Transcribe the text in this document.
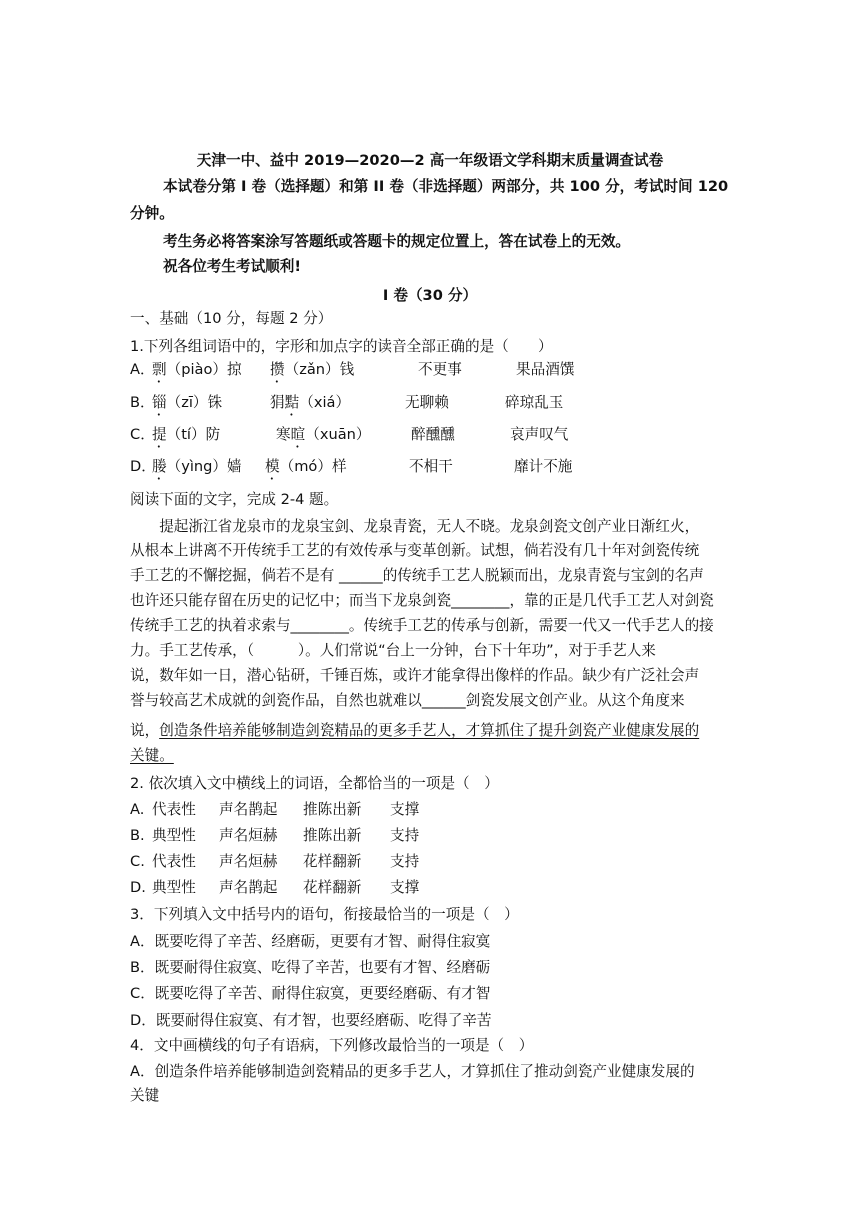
天津一中、益中 2019—2020—2 高一年级语文学科期末质量调查试卷
本试卷分第 I 卷（选择题）和第 II 卷（非选择题）两部分，共 100 分，考试时间 120
分钟。
考生务必将答案涂写答题纸或答题卡的规定位置上，答在试卷上的无效。
祝各位考生考试顺利!
I 卷（30 分）
一、基础（10 分，每题 2 分）
1.下列各组词语中的，字形和加点字的读音全部正确的是（　　）
A．
剽（piào）掠 攒（zǎn）钱	不更事	果品酒馔
B．
锱（zī）铢	狷黠（xiá）	无聊赖	碎琼乱玉
C．
提（tí）防	寒暄（xuān）	醉醺醺	哀声叹气
D．
媵（yìng）嫱 模（mó）样	不相干	靡计不施
阅读下面的文字，完成 2-4 题。
　　提起浙江省龙泉市的龙泉宝剑、龙泉青瓷，无人不晓。龙泉剑瓷文创产业日渐红火，
从根本上讲离不开传统手工艺的有效传承与变革创新。试想，倘若没有几十年对剑瓷传统
手工艺的不懈挖掘，倘若不是有 ______的传统手工艺人脱颖而出，龙泉青瓷与宝剑的名声
也许还只能存留在历史的记忆中；而当下龙泉剑瓷________，靠的正是几代手工艺人对剑瓷
传统手工艺的执着求索与________。传统手工艺的传承与创新，需要一代又一代手艺人的接
力。手工艺传承，（　　　）。人们常说“台上一分钟，台下十年功”，对于手艺人来
说，数年如一日，潜心钻研，千锤百炼，或许才能拿得出像样的作品。缺少有广泛社会声
誉与较高艺术成就的剑瓷作品，自然也就难以______剑瓷发展文创产业。从这个角度来
说，创造条件培养能够制造剑瓷精品的更多手艺人，才算抓住了提升剑瓷产业健康发展的
关键。
2. 依次填入文中横线上的词语，全都恰当的一项是（　）
A. 代表性 声名鹊起 推陈出新 支撑
B. 典型性 声名烜赫 推陈出新 支持
C. 代表性 声名烜赫 花样翻新 支持
D. 典型性 声名鹊起 花样翻新 支撑
3．下列填入文中括号内的语句，衔接最恰当的一项是（　）
A．既要吃得了辛苦、经磨砺，更要有才智、耐得住寂寞
B．既要耐得住寂寞、吃得了辛苦，也要有才智、经磨砺
C．既要吃得了辛苦、耐得住寂寞，更要经磨砺、有才智
D．既要耐得住寂寞、有才智，也要经磨砺、吃得了辛苦
4．文中画横线的句子有语病，下列修改最恰当的一项是（　）
A．创造条件培养能够制造剑瓷精品的更多手艺人，才算抓住了推动剑瓷产业健康发展的
关键
